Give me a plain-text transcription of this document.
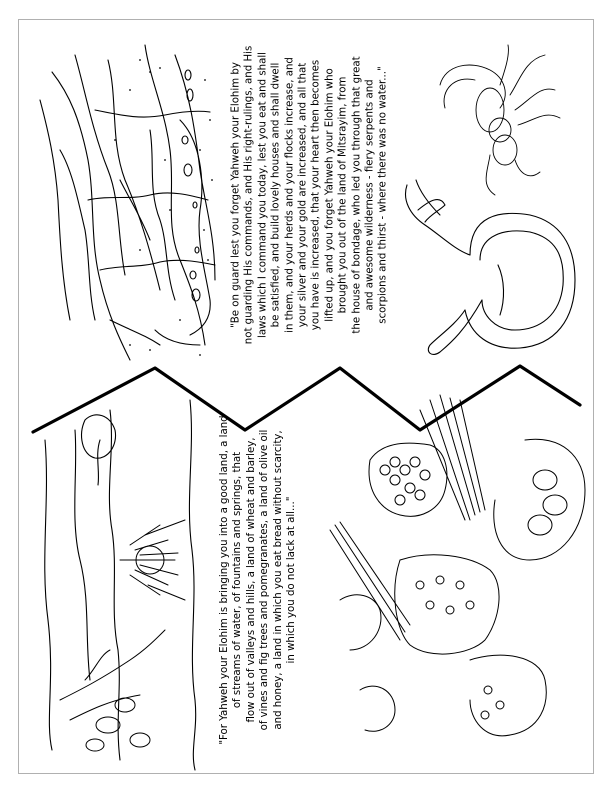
"Be on guard lest you forget Yahweh your Elohim by not guarding His commands, and His right-rulings, and His laws which I command you today, lest you eat and shall be satisfied, and build lovely houses and shall dwell in them, and your herds and your flocks increase, and your silver and your gold are increased, and all that you have is increased, that your heart then becomes lifted up, and you forget Yahweh your Elohim who brought you out of the land of Mitsrayim, from the house of bondage, who led you through that great and awesome wilderness - fiery serpents and scorpions and thirst - where there was no water..."
"For Yahweh your Elohim is bringing you into a good land, a land of streams of water, of fountains and springs, that flow out of valleys and hills, a land of wheat and barley, of vines and fig trees and pomegranates, a land of olive oil and honey, a land in which you eat bread without scarcity, in which you do not lack at all..."
